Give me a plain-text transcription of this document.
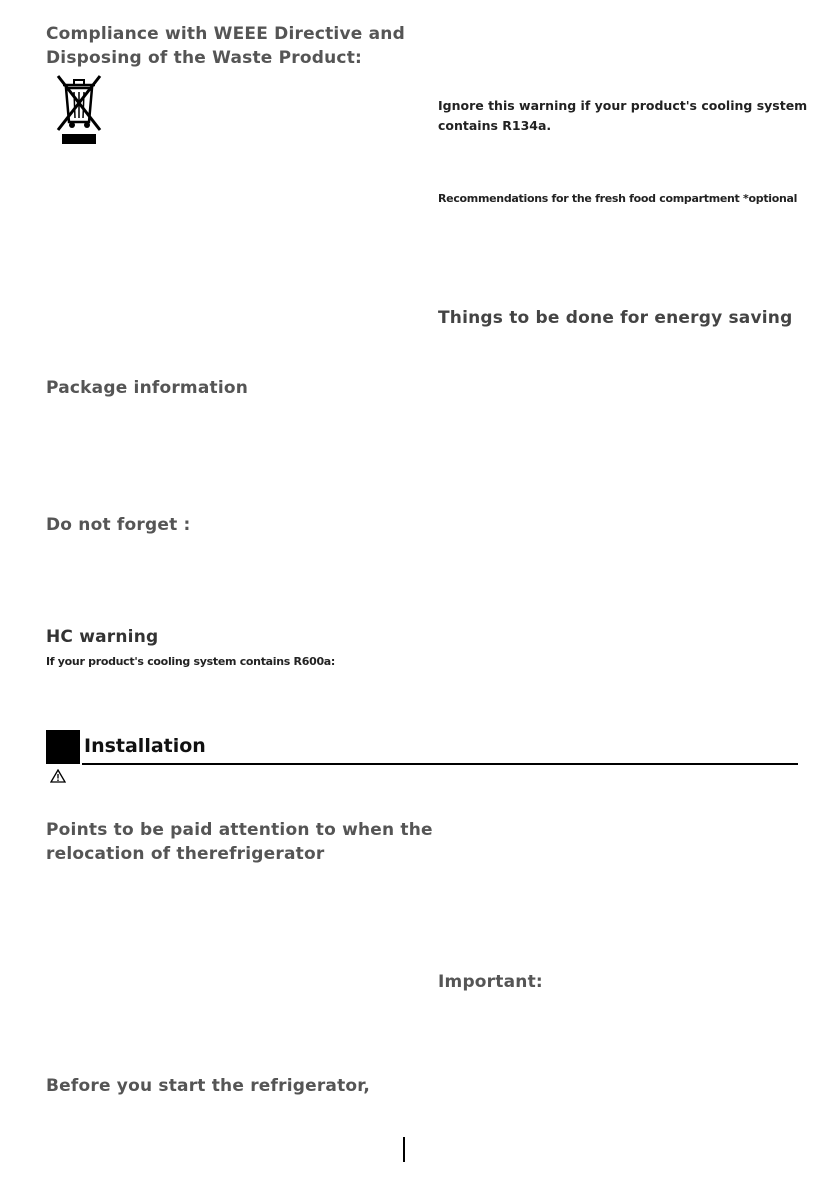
Compliance with WEEE Directive and
Disposing of the Waste Product:
Package information
Do not forget :
HC warning
If your product's cooling system contains R600a:
Installation
Points to be paid attention to when the
relocation of therefrigerator
Before you start the refrigerator,
Ignore this warning if your product's cooling system
contains R134a.
Recommendations for the fresh food compartment *optional
Things to be done for energy saving
Important:
